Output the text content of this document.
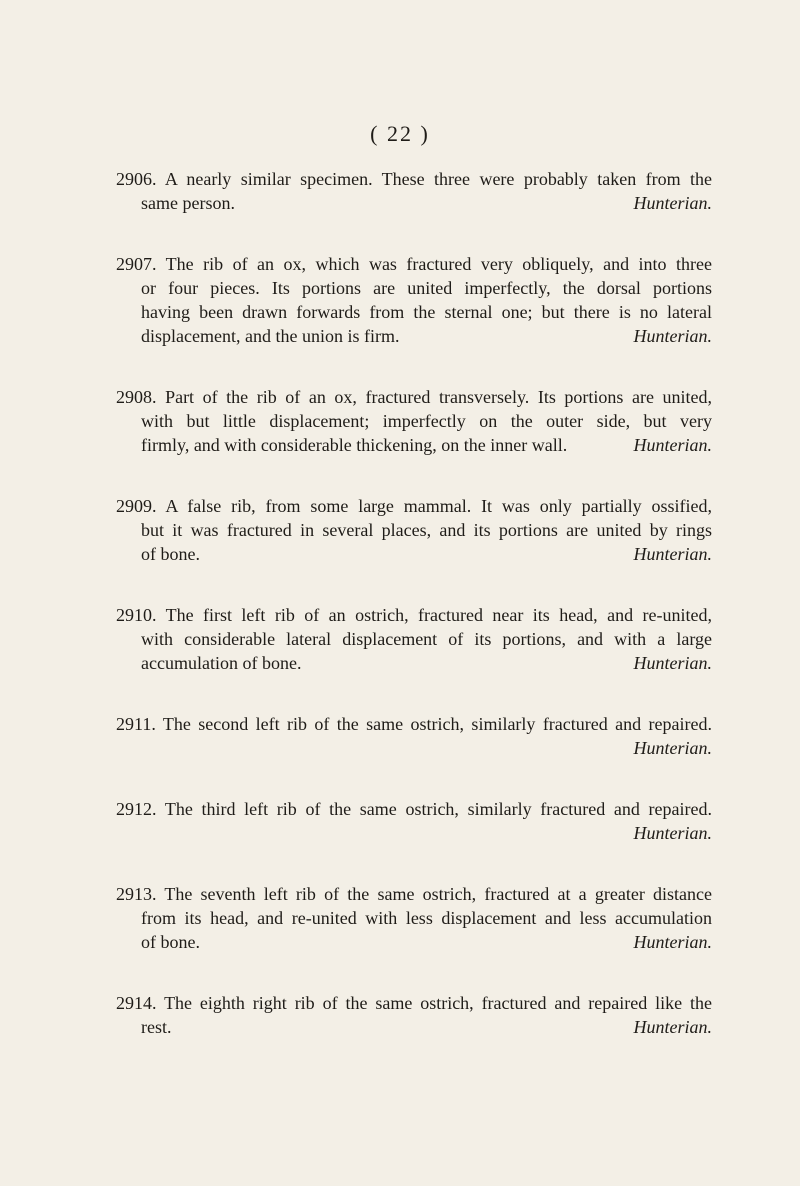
( 22 )
2906. A nearly similar specimen. These three were probably taken from the
same person.	Hunterian.
2907. The rib of an ox, which was fractured very obliquely, and into three
or four pieces. Its portions are united imperfectly, the dorsal portions
having been drawn forwards from the sternal one; but there is no lateral
displacement, and the union is firm.	Hunterian.
2908. Part of the rib of an ox, fractured transversely. Its portions are united,
with but little displacement; imperfectly on the outer side, but very
firmly, and with considerable thickening, on the inner wall.	Hunterian.
2909. A false rib, from some large mammal. It was only partially ossified,
but it was fractured in several places, and its portions are united by rings
of bone.	Hunterian.
2910. The first left rib of an ostrich, fractured near its head, and re-united,
with considerable lateral displacement of its portions, and with a large
accumulation of bone.	Hunterian.
2911. The second left rib of the same ostrich, similarly fractured and repaired.
Hunterian.
2912. The third left rib of the same ostrich, similarly fractured and repaired.
Hunterian.
2913. The seventh left rib of the same ostrich, fractured at a greater distance
from its head, and re-united with less displacement and less accumulation
of bone.	Hunterian.
2914. The eighth right rib of the same ostrich, fractured and repaired like the
rest.	Hunterian.
